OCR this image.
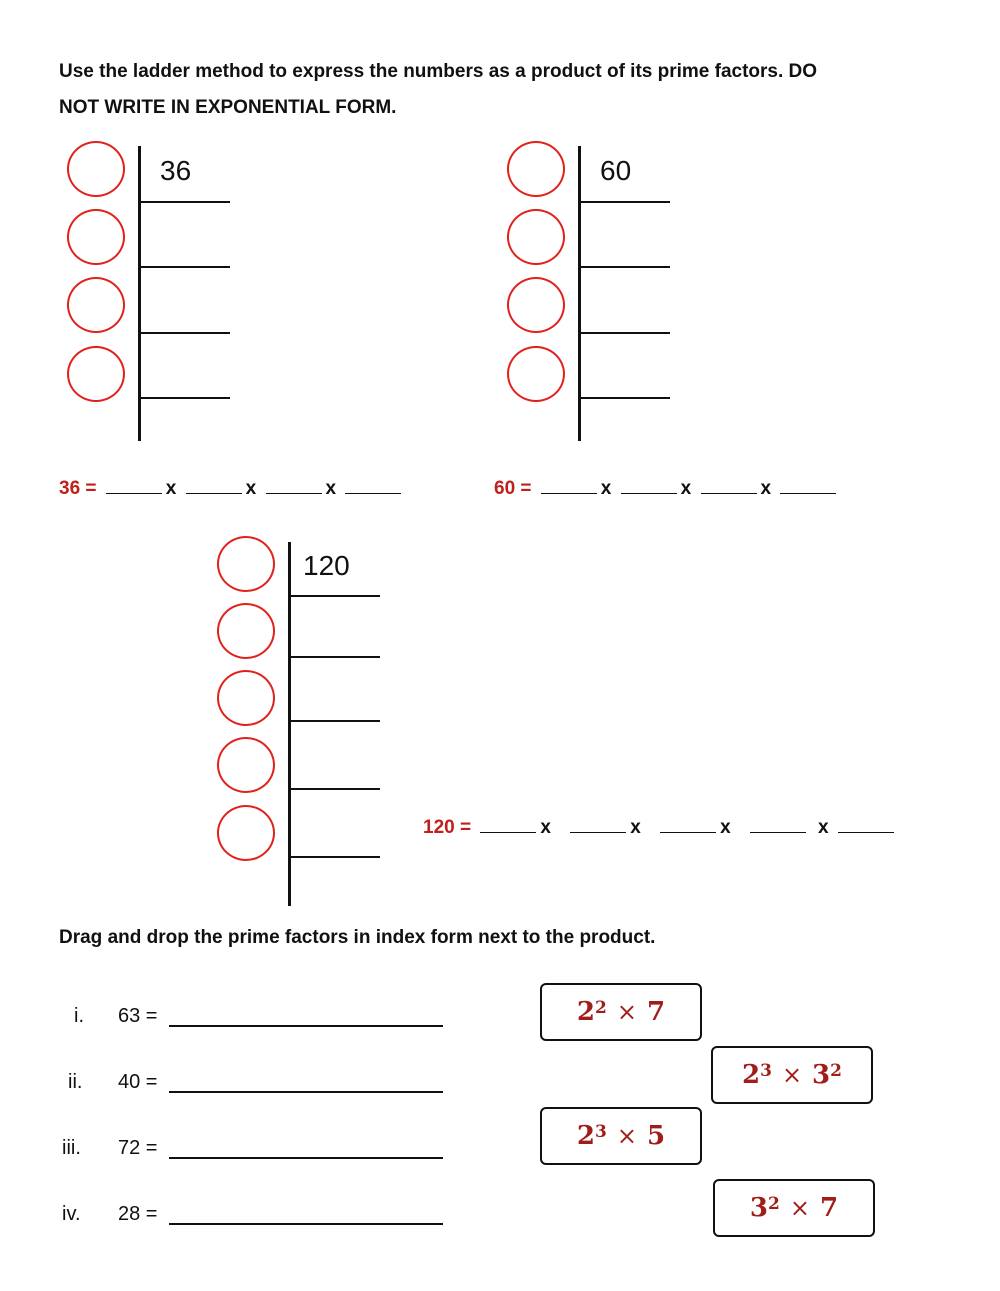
Use the ladder method to express the numbers as a product of its prime factors. DO
NOT WRITE IN EXPONENTIAL FORM.
36	60
36 =	x	x	x	60 =	x	x	x
120
120 =	x	x	x	x
Drag and drop the prime factors in index form next to the product.
i. 63 =
ii. 40 =
iii. 72 =
iv. 28 =
$2^2 \times 7$
$2^3 \times 3^2$
$2^3 \times 5$
$3^2 \times 7$
